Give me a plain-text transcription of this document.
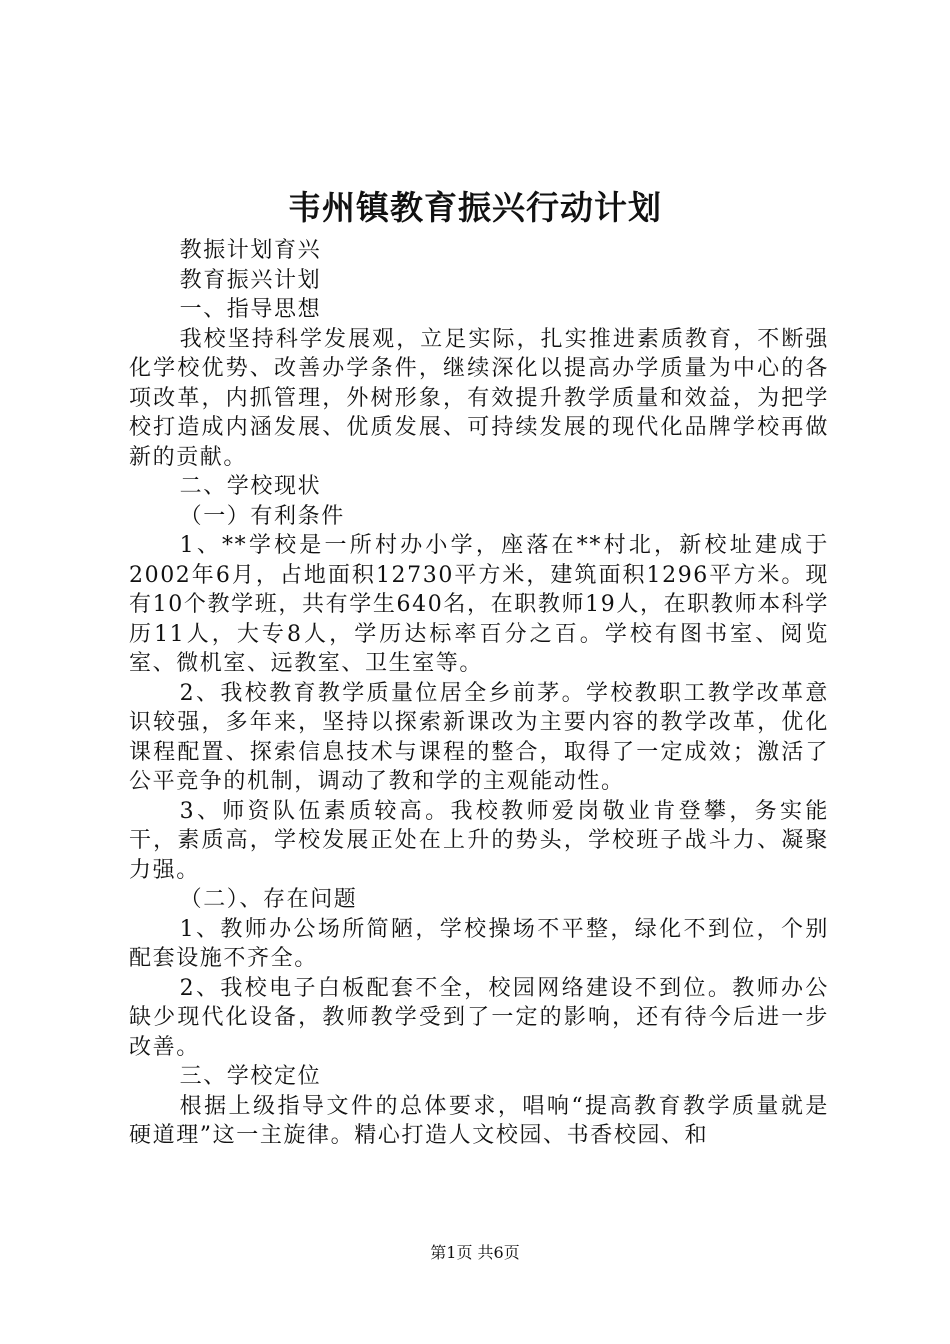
韦州镇教育振兴行动计划

教振计划育兴

教育振兴计划

一、指导思想

我校坚持科学发展观，立足实际，扎实推进素质教育，不断强化学校优势、改善办学条件，继续深化以提高办学质量为中心的各项改革，内抓管理，外树形象，有效提升教学质量和效益，为把学校打造成内涵发展、优质发展、可持续发展的现代化品牌学校再做新的贡献。

二、学校现状

（一）有利条件

1、**学校是一所村办小学，座落在**村北，新校址建成于2002年6月，占地面积12730平方米，建筑面积1296平方米。现有10个教学班，共有学生640名，在职教师19人，在职教师本科学历11人，大专8人，学历达标率百分之百。学校有图书室、阅览室、微机室、远教室、卫生室等。

2、我校教育教学质量位居全乡前茅。学校教职工教学改革意识较强，多年来，坚持以探索新课改为主要内容的教学改革，优化课程配置、探索信息技术与课程的整合，取得了一定成效；激活了公平竞争的机制，调动了教和学的主观能动性。

3、师资队伍素质较高。我校教师爱岗敬业肯登攀，务实能干，素质高，学校发展正处在上升的势头，学校班子战斗力、凝聚力强。

（二）、存在问题

1、教师办公场所简陋，学校操场不平整，绿化不到位，个别配套设施不齐全。

2、我校电子白板配套不全，校园网络建设不到位。教师办公缺少现代化设备，教师教学受到了一定的影响，还有待今后进一步改善。

三、学校定位

根据上级指导文件的总体要求，唱响“提高教育教学质量就是硬道理”这一主旋律。精心打造人文校园、书香校园、和

第1页 共6页
